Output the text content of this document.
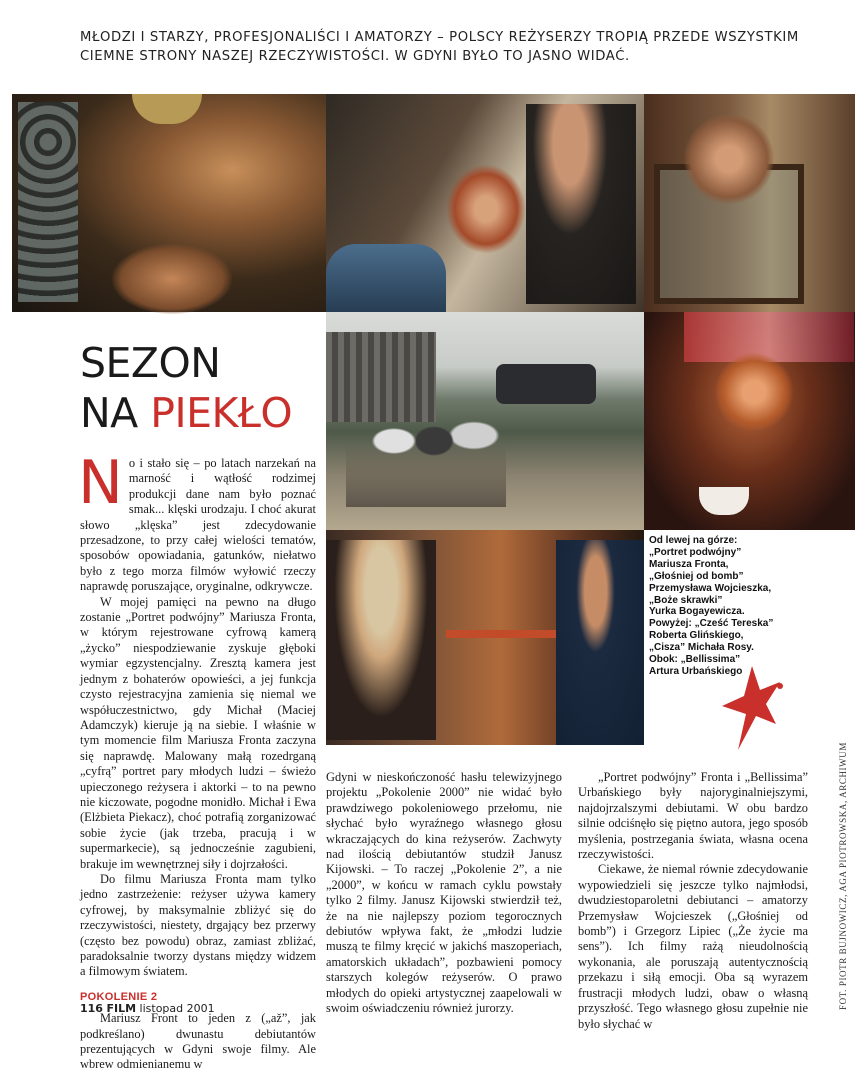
MŁODZI I STARZY, PROFESJONALIŚCI I AMATORZY – POLSCY REŻYSERZY TROPIĄ PRZEDE WSZYSTKIM CIEMNE STRONY NASZEJ RZECZYWISTOŚCI. W GDYNI BYŁO TO JASNO WIDAĆ.
Od lewej na górze:
„Portret podwójny”
Mariusza Fronta,
„Głośniej od bomb”
Przemysława Wojcieszka,
„Boże skrawki”
Yurka Bogayewicza.
Powyżej: „Cześć Tereska”
Roberta Glińskiego,
„Cisza” Michała Rosy.
Obok: „Bellissima”
Artura Urbańskiego
SEZON
NA PIEKŁO

No i stało się – po latach narzekań na marność i wątłość rodzimej produkcji dane nam było poznać smak... klęski urodzaju. I choć akurat słowo „klęska” jest zdecydowanie przesadzone, to przy całej wielości tematów, sposobów opowiadania, gatunków, niełatwo było z tego morza filmów wyłowić rzeczy naprawdę poruszające, oryginalne, odkrywcze.

W mojej pamięci na pewno na długo zostanie „Portret podwójny” Mariusza Fronta, w którym rejestrowane cyfrową kamerą „życko” niespodziewanie zyskuje głęboki wymiar egzystencjalny. Zresztą kamera jest jednym z bohaterów opowieści, a jej funkcja czysto rejestracyjna zamienia się niemal we współuczestnictwo, gdy Michał (Maciej Adamczyk) kieruje ją na siebie. I właśnie w tym momencie film Mariusza Fronta zaczyna się naprawdę. Malowany małą rozedrganą „cyfrą” portret pary młodych ludzi – świeżo upieczonego reżysera i aktorki – to na pewno nie kiczowate, pogodne monidło. Michał i Ewa (Elżbieta Piekacz), choć potrafią zorganizować sobie życie (jak trzeba, pracują i w supermarkecie), są jednocześnie zagubieni, brakuje im wewnętrznej siły i dojrzałości.

Do filmu Mariusza Fronta mam tylko jedno zastrzeżenie: reżyser używa kamery cyfrowej, by maksymalnie zbliżyć się do rzeczywistości, niestety, drgający bez przerwy (często bez powodu) obraz, zamiast zbliżać, paradoksalnie tworzy dystans między widzem a filmowym światem.

POKOLENIE 2

Mariusz Front to jeden z („až”, jak podkreślano) dwunastu debiutantów prezentujących w Gdyni swoje filmy. Ale wbrew odmienianemu w

Gdyni w nieskończoność hasłu telewizyjnego projektu „Pokolenie 2000” nie widać było prawdziwego pokoleniowego przełomu, nie słychać było wyraźnego własnego głosu wkraczających do kina reżyserów. Zachwyty nad ilością debiutantów studził Janusz Kijowski. – To raczej „Pokolenie 2”, a nie „2000”, w końcu w ramach cyklu powstały tylko 2 filmy. Janusz Kijowski stwierdził też, że na nie najlepszy poziom tegorocznych debiutów wpływa fakt, że „młodzi ludzie muszą te filmy kręcić w jakichś maszoperiach, amatorskich układach”, pozbawieni pomocy starszych kolegów reżyserów. O prawo młodych do opieki artystycznej zaapelowali w swoim oświadczeniu również jurorzy.

„Portret podwójny” Fronta i „Bellissima” Urbańskiego były najoryginalniejszymi, najdojrzalszymi debiutami. W obu bardzo silnie odciśnęło się piętno autora, jego sposób myślenia, postrzegania świata, własna ocena rzeczywistości.

Ciekawe, że niemal równie zdecydowanie wypowiedzieli się jeszcze tylko najmłodsi, dwudziestoparoletni debiutanci – amatorzy Przemysław Wojcieszek („Głośniej od bomb”) i Grzegorz Lipiec („Że życie ma sens”). Ich filmy rażą nieudolnością wykonania, ale poruszają autentycznością przekazu i siłą emocji. Oba są wyrazem frustracji młodych ludzi, obaw o własną przyszłość. Tego własnego głosu zupełnie nie było słychać w

FOT. PIOTR BUJNOWICZ, AGA PIOTROWSKA, ARCHIWUM
116 FILM listopad 2001
